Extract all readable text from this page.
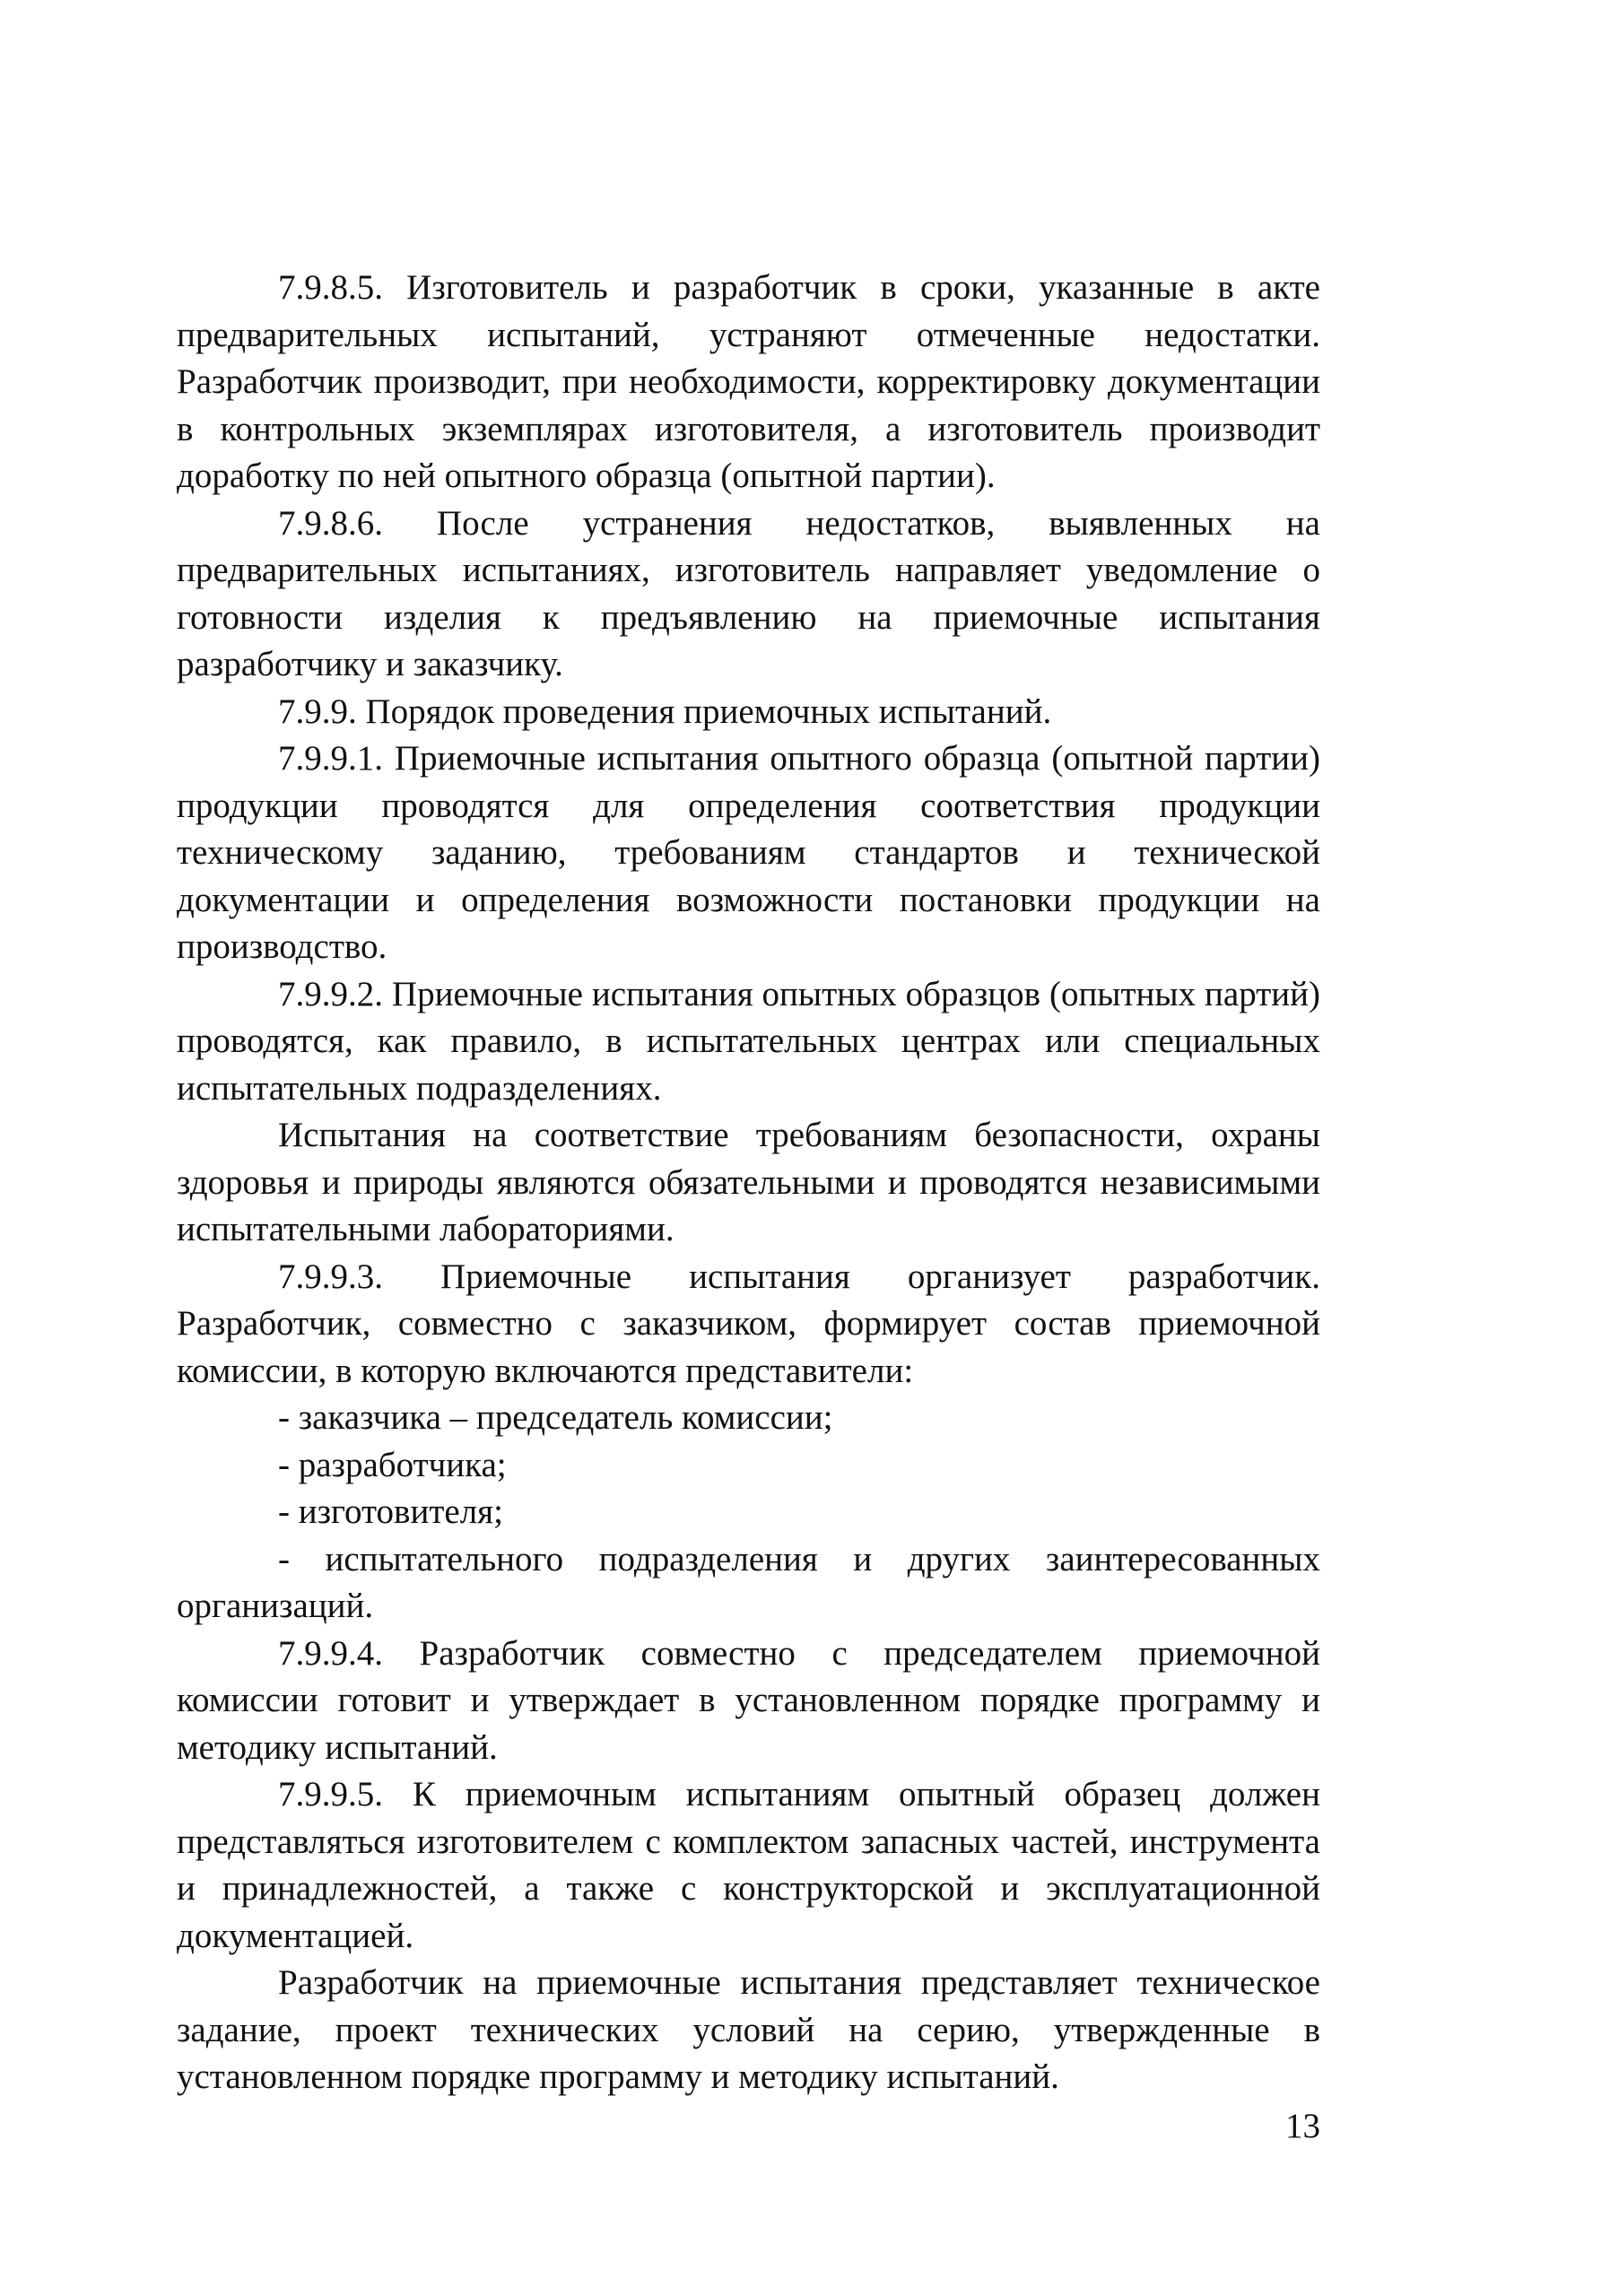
7.9.8.5. Изготовитель и разработчик в сроки, указанные в акте предварительных испытаний, устраняют отмеченные недостатки. Разработчик производит, при необходимости, корректировку документации в контрольных экземплярах изготовителя, а изготовитель производит доработку по ней опытного образца (опытной партии).

7.9.8.6. После устранения недостатков, выявленных на предварительных испытаниях, изготовитель направляет уведомление о готовности изделия к предъявлению на приемочные испытания разработчику и заказчику.

7.9.9. Порядок проведения приемочных испытаний.

7.9.9.1. Приемочные испытания опытного образца (опытной партии) продукции проводятся для определения соответствия продукции техническому заданию, требованиям стандартов и технической документации и определения возможности постановки продукции на производство.

7.9.9.2. Приемочные испытания опытных образцов (опытных партий) проводятся, как правило, в испытательных центрах или специальных испытательных подразделениях.

Испытания на соответствие требованиям безопасности, охраны здоровья и природы являются обязательными и проводятся независимыми испытательными лабораториями.

7.9.9.3. Приемочные испытания организует разработчик. Разработчик, совместно с заказчиком, формирует состав приемочной комиссии, в которую включаются представители:

- заказчика – председатель комиссии;

- разработчика;

- изготовителя;

- испытательного подразделения и других заинтересованных организаций.

7.9.9.4. Разработчик совместно с председателем приемочной комиссии готовит и утверждает в установленном порядке программу и методику испытаний.

7.9.9.5. К приемочным испытаниям опытный образец должен представляться изготовителем с комплектом запасных частей, инструмента и принадлежностей, а также с конструкторской и эксплуатационной документацией.

Разработчик на приемочные испытания представляет техническое задание, проект технических условий на серию, утвержденные в установленном порядке программу и методику испытаний.

13
